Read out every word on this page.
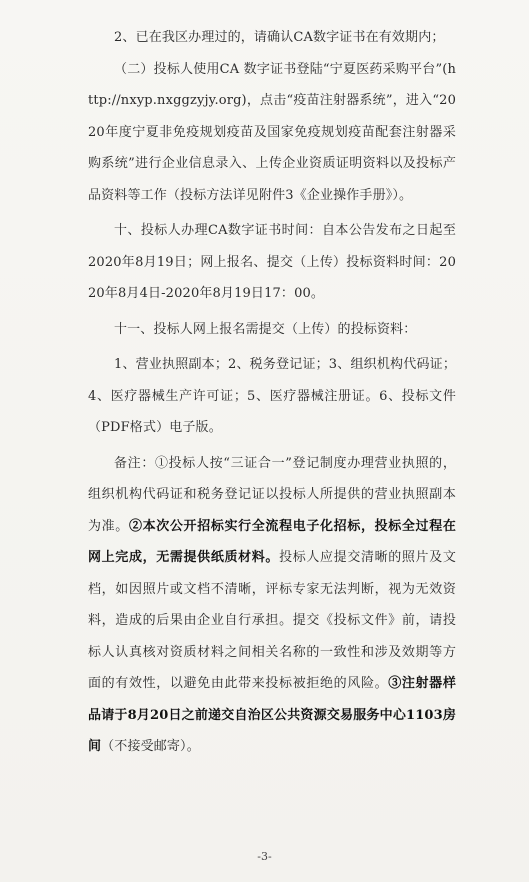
2、已在我区办理过的，请确认CA数字证书在有效期内；

（二）投标人使用CA 数字证书登陆“宁夏医药采购平台”(http://nxyp.nxggzyjy.org)，点击“疫苗注射器系统”，进入“2020年度宁夏非免疫规划疫苗及国家免疫规划疫苗配套注射器采购系统”进行企业信息录入、上传企业资质证明资料以及投标产品资料等工作（投标方法详见附件3《企业操作手册》）。

十、投标人办理CA数字证书时间：自本公告发布之日起至2020年8月19日；网上报名、提交（上传）投标资料时间：2020年8月4日-2020年8月19日17：00。

十一、投标人网上报名需提交（上传）的投标资料：

1、营业执照副本；2、税务登记证；3、组织机构代码证；4、医疗器械生产许可证；5、医疗器械注册证。6、投标文件（PDF格式）电子版。

备注：①投标人按“三证合一”登记制度办理营业执照的，组织机构代码证和税务登记证以投标人所提供的营业执照副本为准。②本次公开招标实行全流程电子化招标，投标全过程在网上完成，无需提供纸质材料。投标人应提交清晰的照片及文档，如因照片或文档不清晰，评标专家无法判断，视为无效资料，造成的后果由企业自行承担。提交《投标文件》前，请投标人认真核对资质材料之间相关名称的一致性和涉及效期等方面的有效性，以避免由此带来投标被拒绝的风险。③注射器样品请于8月20日之前递交自治区公共资源交易服务中心1103房间（不接受邮寄）。

-3-
